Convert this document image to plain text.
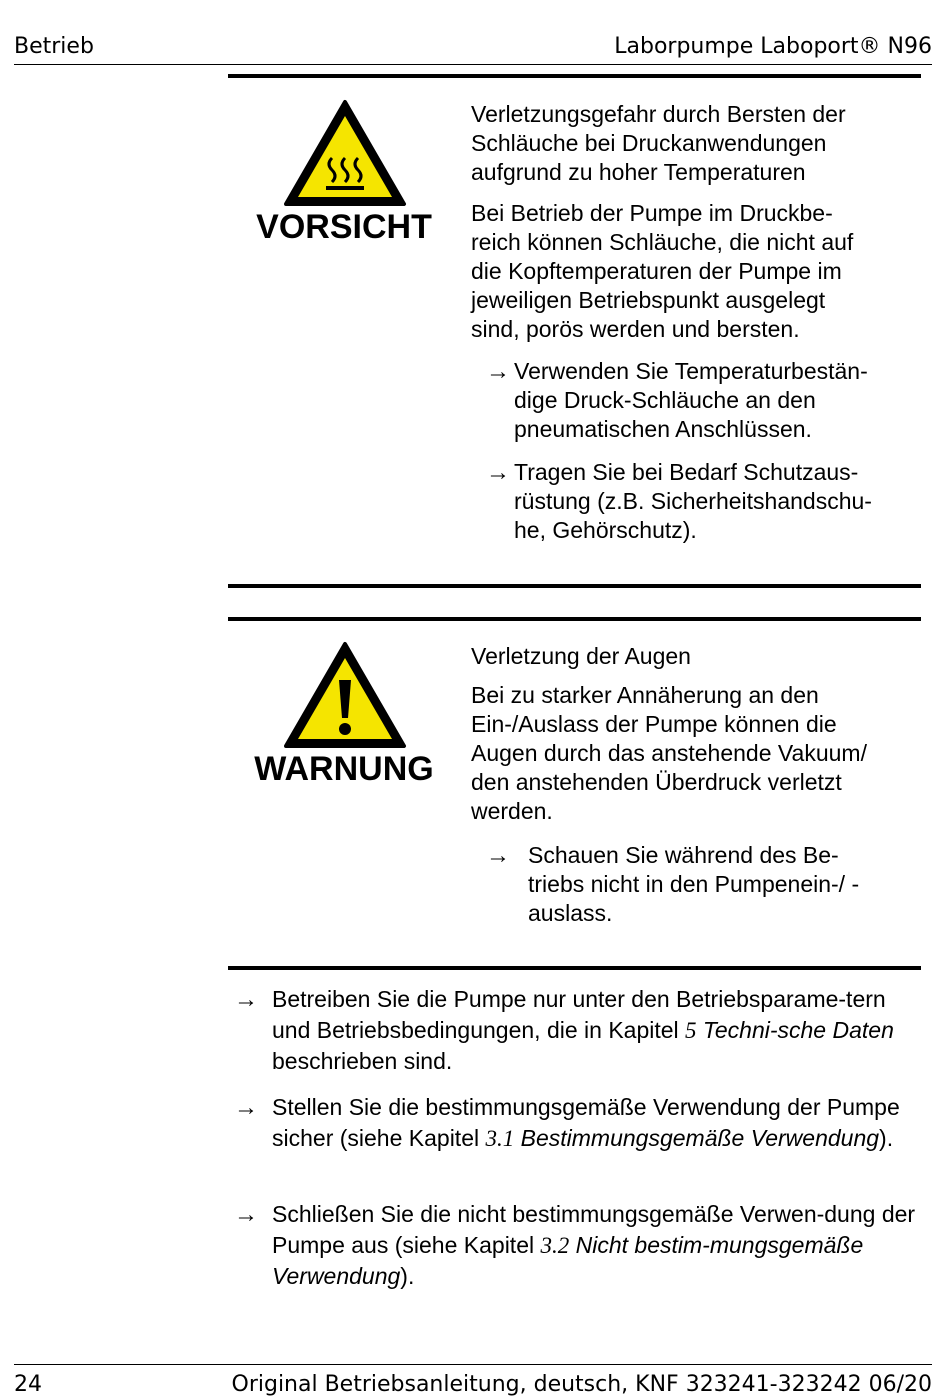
Betrieb	Laborpumpe Laboport® N96
VORSICHT

Verletzungsgefahr durch Bersten der
Schläuche bei Druckanwendungen
aufgrund zu hoher Temperaturen

Bei Betrieb der Pumpe im Druckbe-
reich können Schläuche, die nicht auf
die Kopftemperaturen der Pumpe im
jeweiligen Betriebspunkt ausgelegt
sind, porös werden und bersten.

→ Verwenden Sie Temperaturbestän-
dige Druck-Schläuche an den
pneumatischen Anschlüssen.

→ Tragen Sie bei Bedarf Schutzaus-
rüstung (z.B. Sicherheitshandschu-
he, Gehörschutz).

WARNUNG

Verletzung der Augen

Bei zu starker Annäherung an den
Ein-/Auslass der Pumpe können die
Augen durch das anstehende Vakuum/
den anstehenden Überdruck verletzt
werden.

→ Schauen Sie während des Be-
triebs nicht in den Pumpenein-/ -
auslass.

→ Betreiben Sie die Pumpe nur unter den Betriebsparame-tern und Betriebsbedingungen, die in Kapitel 5 Techni-sche Daten beschrieben sind.

→ Stellen Sie die bestimmungsgemäße Verwendung der Pumpe sicher (siehe Kapitel 3.1 Bestimmungsgemäße Verwendung).

→ Schließen Sie die nicht bestimmungsgemäße Verwen-dung der Pumpe aus (siehe Kapitel 3.2 Nicht bestim-mungsgemäße Verwendung).

24	Original Betriebsanleitung, deutsch, KNF 323241-323242 06/20
